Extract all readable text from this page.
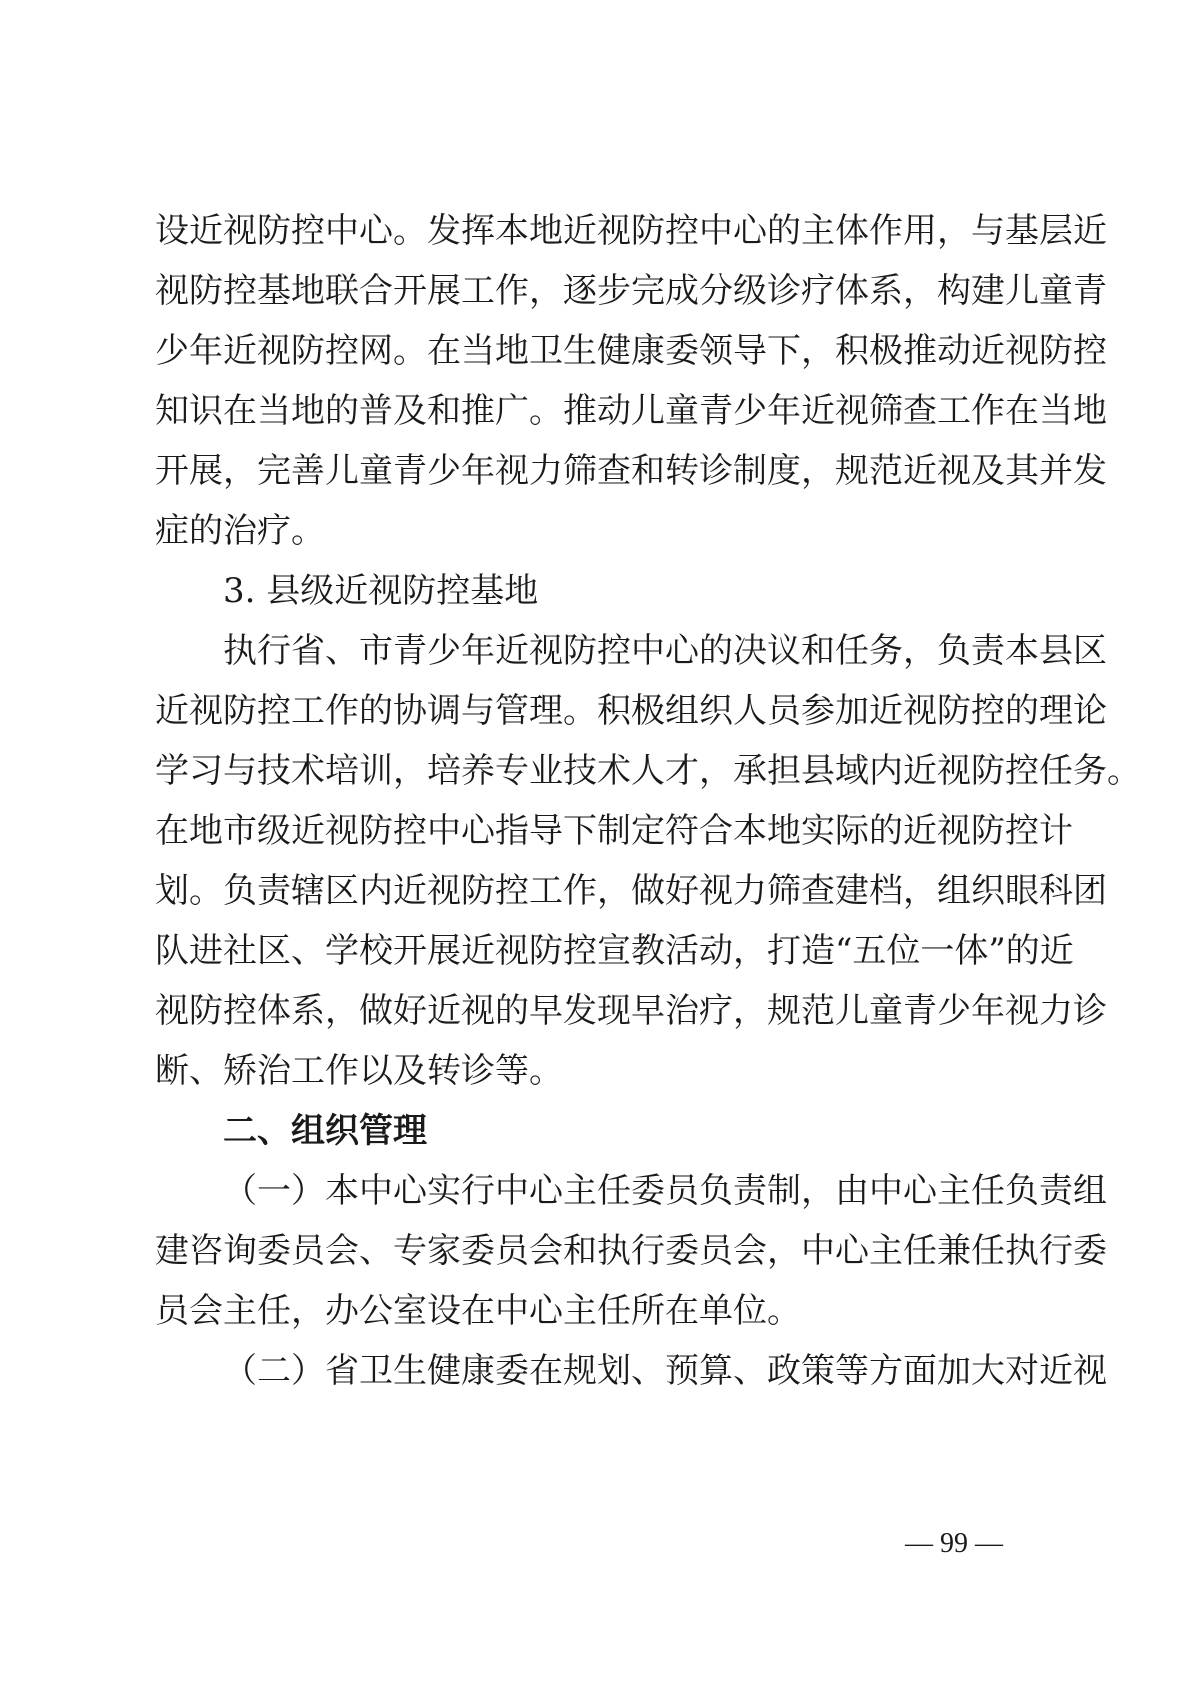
设近视防控中心。发挥本地近视防控中心的主体作用，与基层近
视防控基地联合开展工作，逐步完成分级诊疗体系，构建儿童青
少年近视防控网。在当地卫生健康委领导下，积极推动近视防控
知识在当地的普及和推广。推动儿童青少年近视筛查工作在当地
开展，完善儿童青少年视力筛查和转诊制度，规范近视及其并发
症的治疗。
3. 县级近视防控基地
执行省、市青少年近视防控中心的决议和任务，负责本县区
近视防控工作的协调与管理。积极组织人员参加近视防控的理论
学习与技术培训，培养专业技术人才，承担县域内近视防控任务。
在地市级近视防控中心指导下制定符合本地实际的近视防控计
划。负责辖区内近视防控工作，做好视力筛查建档，组织眼科团
队进社区、学校开展近视防控宣教活动，打造“五位一体”的近
视防控体系，做好近视的早发现早治疗，规范儿童青少年视力诊
断、矫治工作以及转诊等。
二、组织管理
（一）本中心实行中心主任委员负责制，由中心主任负责组
建咨询委员会、专家委员会和执行委员会，中心主任兼任执行委
员会主任，办公室设在中心主任所在单位。
（二）省卫生健康委在规划、预算、政策等方面加大对近视
— 99 —
